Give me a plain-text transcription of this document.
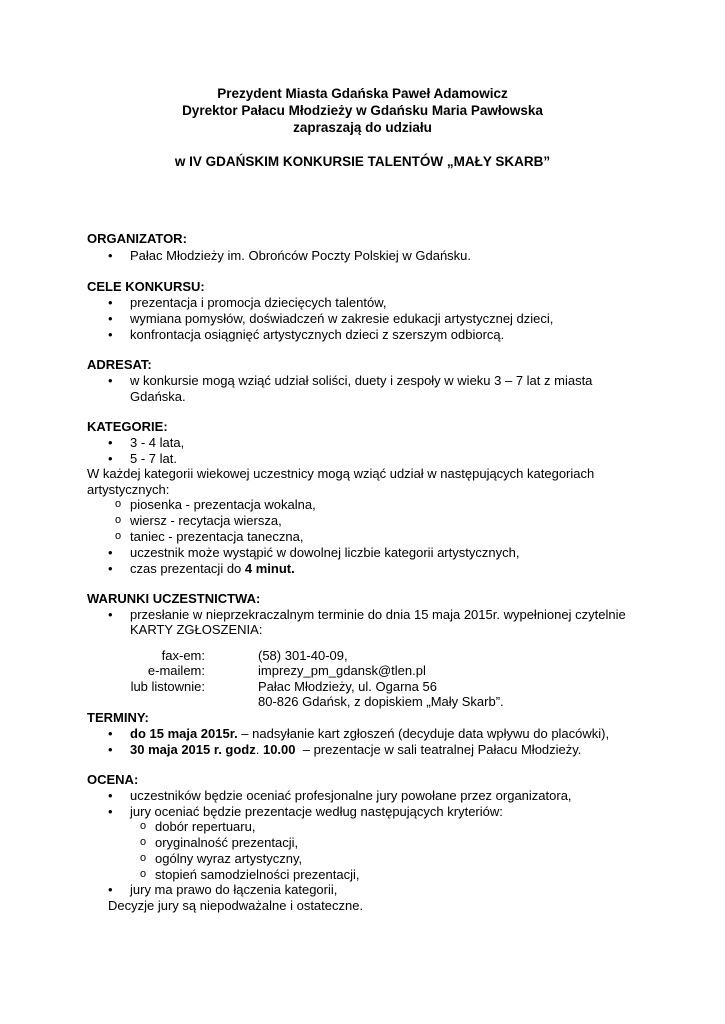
Prezydent Miasta Gdańska Paweł Adamowicz
Dyrektor Pałacu Młodzieży w Gdańsku Maria Pawłowska
zapraszają do udziału
w IV GDAŃSKIM KONKURSIE TALENTÓW „MAŁY SKARB”
ORGANIZATOR:
• Pałac Młodzieży im. Obrońców Poczty Polskiej w Gdańsku.
CELE KONKURSU:
• prezentacja i promocja dziecięcych talentów,
• wymiana pomysłów, doświadczeń w zakresie edukacji artystycznej dzieci,
• konfrontacja osiągnięć artystycznych dzieci z szerszym odbiorcą.
ADRESAT:
• w konkursie mogą wziąć udział soliści, duety i zespoły w wieku 3 – 7 lat z miasta
Gdańska.
KATEGORIE:
• 3 - 4 lata,
• 5 - 7 lat.
W każdej kategorii wiekowej uczestnicy mogą wziąć udział w następujących kategoriach
artystycznych:
o piosenka - prezentacja wokalna,
o wiersz - recytacja wiersza,
o taniec - prezentacja taneczna,
• uczestnik może wystąpić w dowolnej liczbie kategorii artystycznych,
• czas prezentacji do 4 minut.
WARUNKI UCZESTNICTWA:
• przesłanie w nieprzekraczalnym terminie do dnia 15 maja 2015r. wypełnionej czytelnie
KARTY ZGŁOSZENIA:
fax-em:	(58) 301-40-09,
e-mailem:	imprezy_pm_gdansk@tlen.pl
lub listownie:	Pałac Młodzieży, ul. Ogarna 56
80-826 Gdańsk, z dopiskiem „Mały Skarb”.
TERMINY:
• do 15 maja 2015r. – nadsyłanie kart zgłoszeń (decyduje data wpływu do placówki),
• 30 maja 2015 r. godz. 10.00  – prezentacje w sali teatralnej Pałacu Młodzieży.
OCENA:
• uczestników będzie oceniać profesjonalne jury powołane przez organizatora,
• jury oceniać będzie prezentacje według następujących kryteriów:
o dobór repertuaru,
o oryginalność prezentacji,
o ogólny wyraz artystyczny,
o stopień samodzielności prezentacji,
• jury ma prawo do łączenia kategorii,
Decyzje jury są niepodważalne i ostateczne.
